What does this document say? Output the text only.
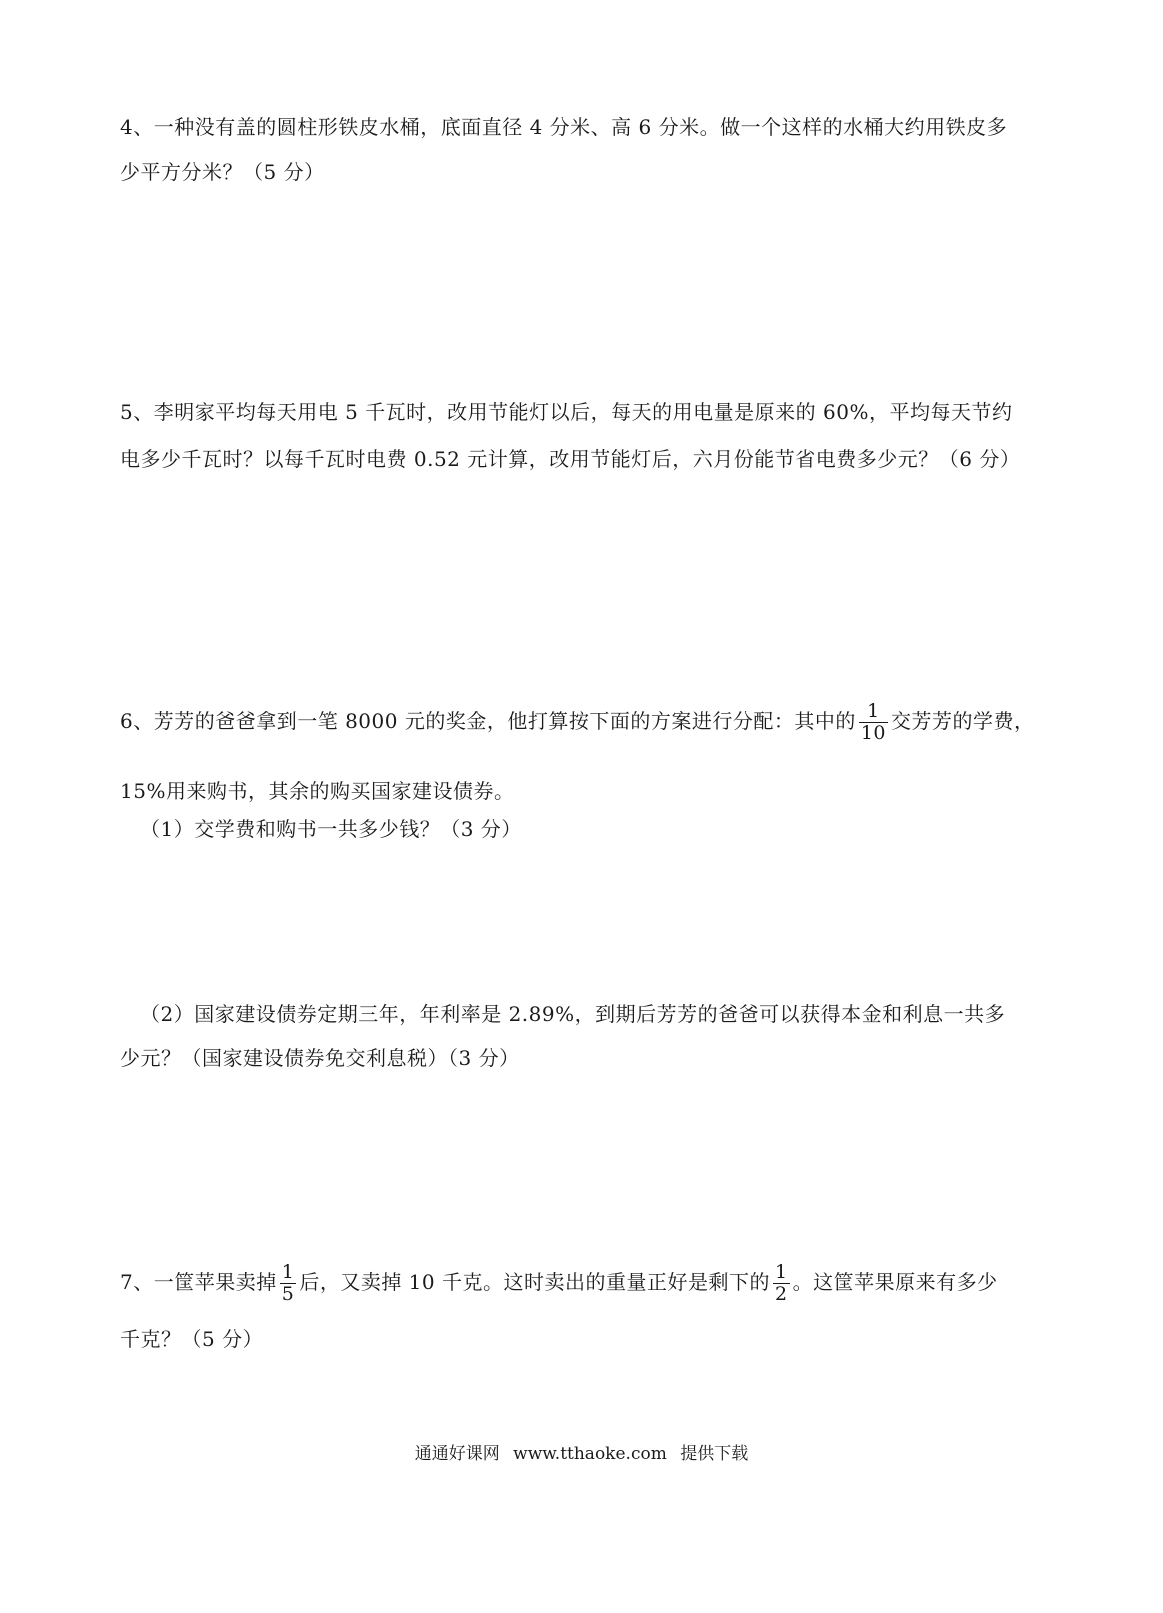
4、一种没有盖的圆柱形铁皮水桶，底面直径 4 分米、高 6 分米。做一个这样的水桶大约用铁皮多
少平方分米？（5 分）
5、李明家平均每天用电 5 千瓦时，改用节能灯以后，每天的用电量是原来的 60%，平均每天节约
电多少千瓦时？以每千瓦时电费 0.52 元计算，改用节能灯后，六月份能节省电费多少元？（6 分）
6、芳芳的爸爸拿到一笔 8000 元的奖金，他打算按下面的方案进行分配：其中的 $\frac{1}{10}$ 交芳芳的学费，
15%用来购书，其余的购买国家建设债券。
（1）交学费和购书一共多少钱？（3 分）
（2）国家建设债券定期三年，年利率是 2.89%，到期后芳芳的爸爸可以获得本金和利息一共多
少元？（国家建设债券免交利息税）（3 分）
7、一筐苹果卖掉 $\frac{1}{5}$ 后，又卖掉 10 千克。这时卖出的重量正好是剩下的 $\frac{1}{2}$ 。这筐苹果原来有多少
千克？（5 分）
通通好课网 www.tthaoke.com 提供下载
